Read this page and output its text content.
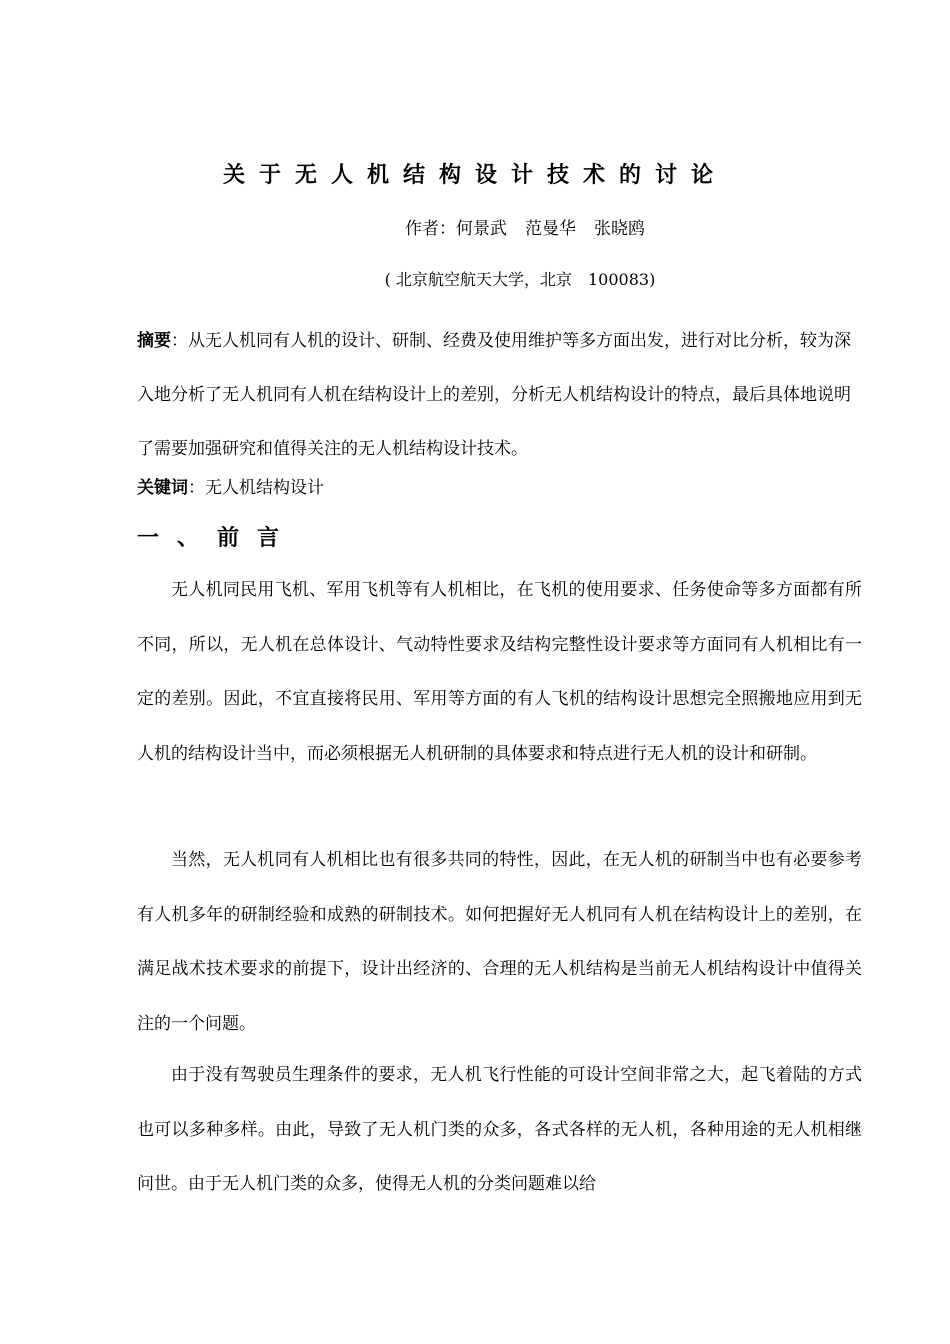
关于无人机结构设计技术的讨论
作者：何景武 范曼华 张晓鸥
( 北京航空航天大学，北京　100083)
摘要：从无人机同有人机的设计、研制、经费及使用维护等多方面出发，进行对比分析，较为深入地分析了无人机同有人机在结构设计上的差别，分析无人机结构设计的特点，最后具体地说明了需要加强研究和值得关注的无人机结构设计技术。
关键词：无人机结构设计
一、前言
无人机同民用飞机、军用飞机等有人机相比，在飞机的使用要求、任务使命等多方面都有所不同，所以，无人机在总体设计、气动特性要求及结构完整性设计要求等方面同有人机相比有一定的差别。因此，不宜直接将民用、军用等方面的有人飞机的结构设计思想完全照搬地应用到无人机的结构设计当中，而必须根据无人机研制的具体要求和特点进行无人机的设计和研制。
当然，无人机同有人机相比也有很多共同的特性，因此，在无人机的研制当中也有必要参考有人机多年的研制经验和成熟的研制技术。如何把握好无人机同有人机在结构设计上的差别，在满足战术技术要求的前提下，设计出经济的、合理的无人机结构是当前无人机结构设计中值得关注的一个问题。
由于没有驾驶员生理条件的要求，无人机飞行性能的可设计空间非常之大，起飞着陆的方式也可以多种多样。由此，导致了无人机门类的众多，各式各样的无人机，各种用途的无人机相继问世。由于无人机门类的众多，使得无人机的分类问题难以给
